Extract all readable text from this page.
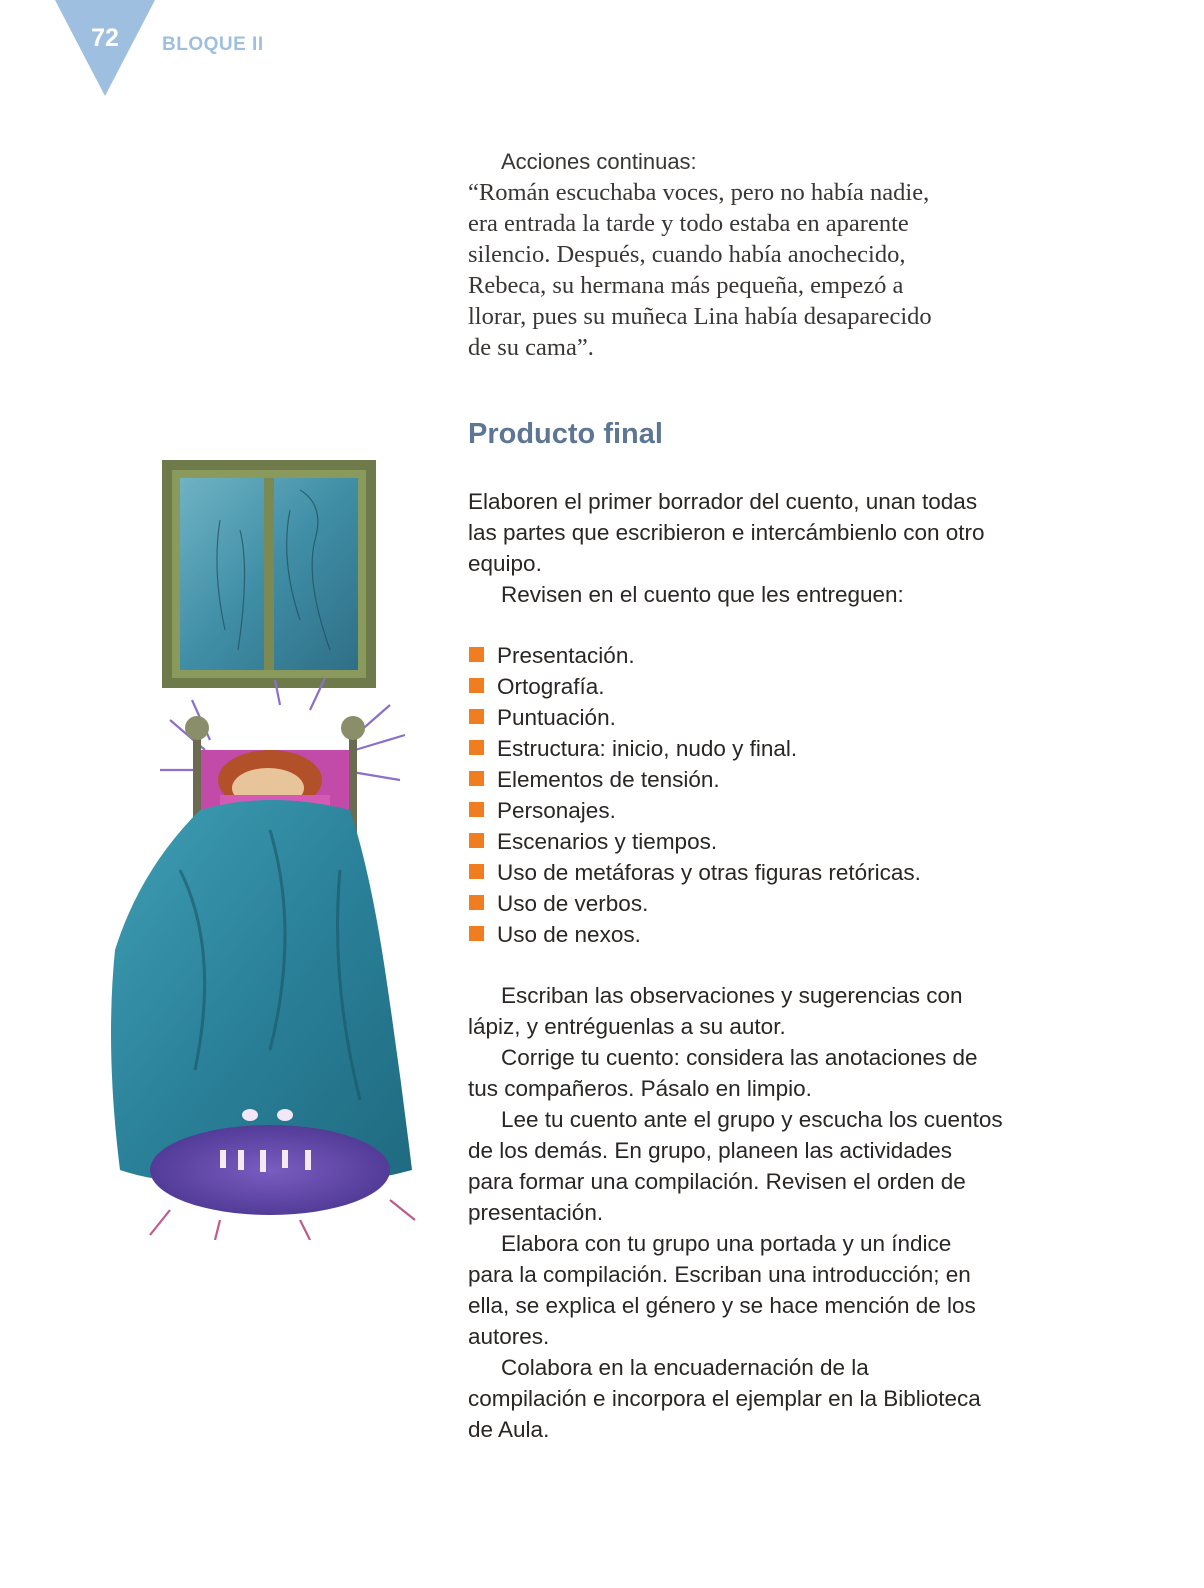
72	BLOQUE II
Acciones continuas:
“Román escuchaba voces, pero no había nadie,
era entrada la tarde y todo estaba en aparente
silencio. Después, cuando había anochecido,
Rebeca, su hermana más pequeña, empezó a
llorar, pues su muñeca Lina había desaparecido
de su cama”.
Producto final
Elaboren el primer borrador del cuento, unan todas
las partes que escribieron e intercámbienlo con otro
equipo.
Revisen en el cuento que les entreguen:
Presentación.
Ortografía.
Puntuación.
Estructura: inicio, nudo y final.
Elementos de tensión.
Personajes.
Escenarios y tiempos.
Uso de metáforas y otras figuras retóricas.
Uso de verbos.
Uso de nexos.
Escriban las observaciones y sugerencias con
lápiz, y entréguenlas a su autor.
Corrige tu cuento: considera las anotaciones de
tus compañeros. Pásalo en limpio.
Lee tu cuento ante el grupo y escucha los cuentos
de los demás. En grupo, planeen las actividades
para formar una compilación. Revisen el orden de
presentación.
Elabora con tu grupo una portada y un índice
para la compilación. Escriban una introducción; en
ella, se explica el género y se hace mención de los
autores.
Colabora en la encuadernación de la
compilación e incorpora el ejemplar en la Biblioteca
de Aula.
